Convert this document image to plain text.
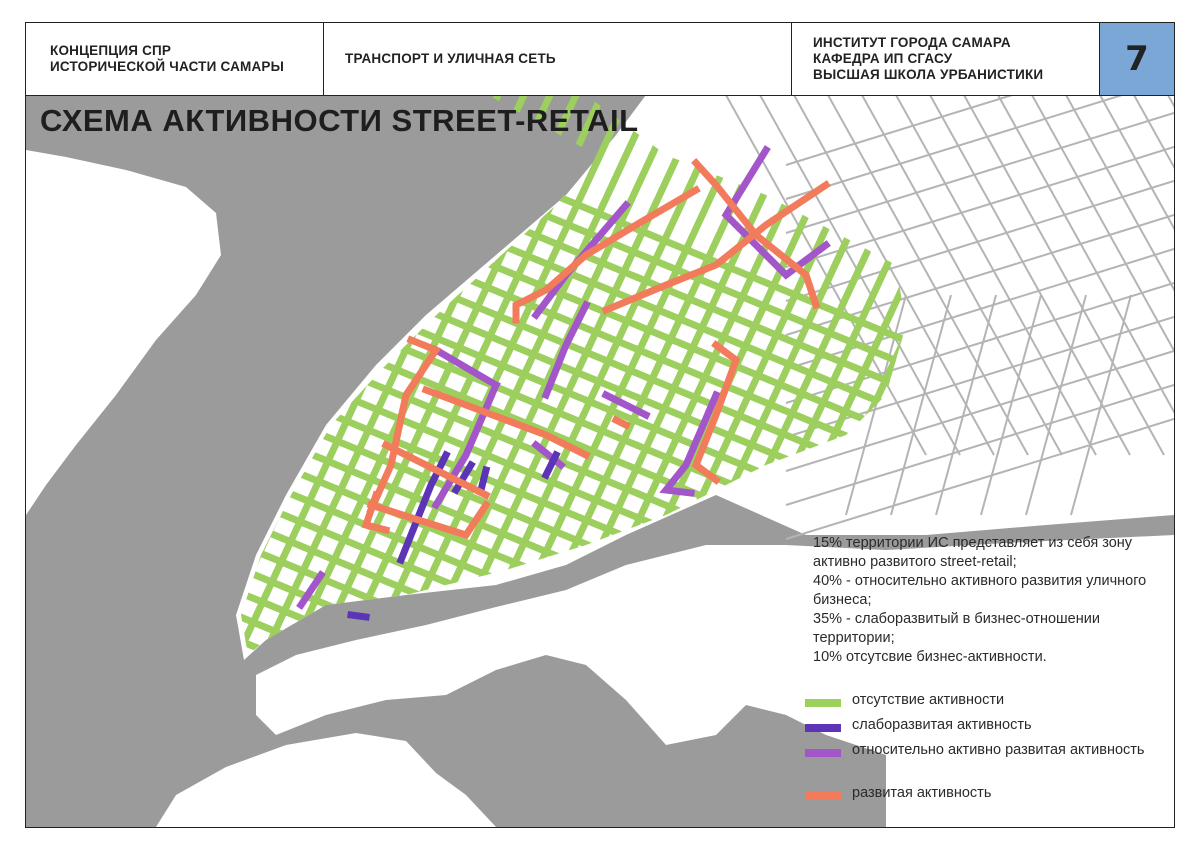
КОНЦЕПЦИЯ СПР
ИСТОРИЧЕСКОЙ ЧАСТИ САМАРЫ
ТРАНСПОРТ И УЛИЧНАЯ СЕТЬ
ИНСТИТУТ ГОРОДА САМАРА
КАФЕДРА ИП СГАСУ
ВЫСШАЯ ШКОЛА УРБАНИСТИКИ 7
СХЕМА АКТИВНОСТИ STREET-RETAIL
15% территории ИС представляет из себя зону активно развитого street-retail;
40% - относительно активного развития уличного бизнеса;
35% - слаборазвитый в бизнес-отношении территории;
10% отсутсвие бизнес-активности.
отсутствие активности
слаборазвитая активность
относительно активно развитая активность
развитая активность
